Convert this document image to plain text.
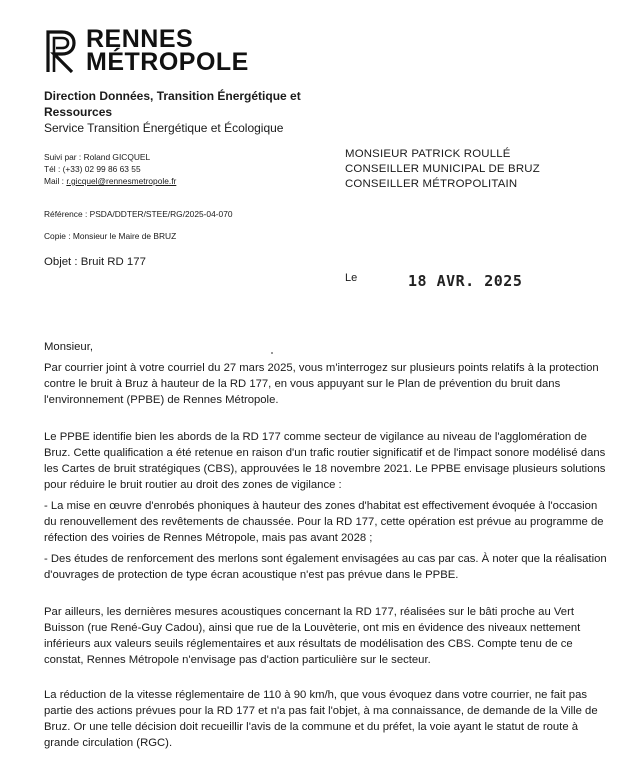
RENNES
MÉTROPOLE
Direction Données, Transition Énergétique et Ressources
Service Transition Énergétique et Écologique
Suivi par : Roland GICQUEL
Tél : (+33) 02 99 86 63 55
Mail : r.gicquel@rennesmetropole.fr
Référence : PSDA/DDTER/STEE/RG/2025-04-070
Copie : Monsieur le Maire de BRUZ
Objet : Bruit RD 177
MONSIEUR PATRICK ROULLÉ
CONSEILLER MUNICIPAL DE BRUZ
CONSEILLER MÉTROPOLITAIN
Le	18 AVR. 2025
Monsieur,

Par courrier joint à votre courriel du 27 mars 2025, vous m'interrogez sur plusieurs points relatifs à la protection contre le bruit à Bruz à hauteur de la RD 177, en vous appuyant sur le Plan de prévention du bruit dans l'environnement (PPBE) de Rennes Métropole.

Le PPBE identifie bien les abords de la RD 177 comme secteur de vigilance au niveau de l'agglomération de Bruz. Cette qualification a été retenue en raison d'un trafic routier significatif et de l'impact sonore modélisé dans les Cartes de bruit stratégiques (CBS), approuvées le 18 novembre 2021. Le PPBE envisage plusieurs solutions pour réduire le bruit routier au droit des zones de vigilance :

- La mise en œuvre d'enrobés phoniques à hauteur des zones d'habitat est effectivement évoquée à l'occasion du renouvellement des revêtements de chaussée. Pour la RD 177, cette opération est prévue au programme de réfection des voiries de Rennes Métropole, mais pas avant 2028 ;

- Des études de renforcement des merlons sont également envisagées au cas par cas. À noter que la réalisation d'ouvrages de protection de type écran acoustique n'est pas prévue dans le PPBE.

Par ailleurs, les dernières mesures acoustiques concernant la RD 177, réalisées sur le bâti proche au Vert Buisson (rue René-Guy Cadou), ainsi que rue de la Louvèterie, ont mis en évidence des niveaux nettement inférieurs aux valeurs seuils réglementaires et aux résultats de modélisation des CBS. Compte tenu de ce constat, Rennes Métropole n'envisage pas d'action particulière sur le secteur.

La réduction de la vitesse réglementaire de 110 à 90 km/h, que vous évoquez dans votre courrier, ne fait pas partie des actions prévues pour la RD 177 et n'a pas fait l'objet, à ma connaissance, de demande de la Ville de Bruz. Or une telle décision doit recueillir l'avis de la commune et du préfet, la voie ayant le statut de route à grande circulation (RGC).
